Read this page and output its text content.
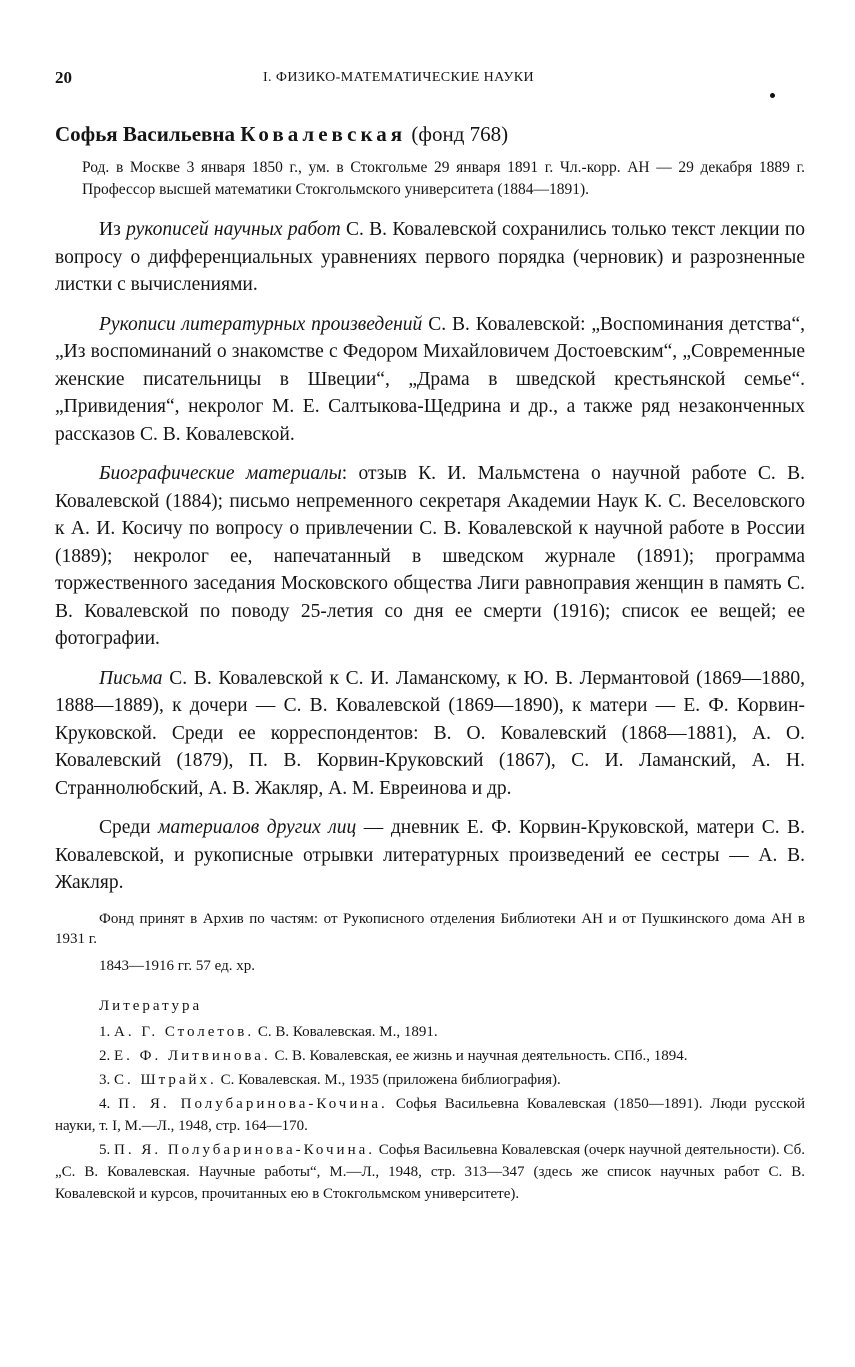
20	I. ФИЗИКО-МАТЕМАТИЧЕСКИЕ НАУКИ
Софья Васильевна Ковалевская (фонд 768)
Род. в Москве 3 января 1850 г., ум. в Стокгольме 29 января 1891 г. Чл.-корр. АН — 29 декабря 1889 г. Профессор высшей математики Стокгольмского университета (1884—1891).
Из рукописей научных работ С. В. Ковалевской сохранились только текст лекции по вопросу о дифференциальных уравнениях первого порядка (черновик) и разрозненные листки с вычислениями.
Рукописи литературных произведений С. В. Ковалевской: „Воспоминания детства“, „Из воспоминаний о знакомстве с Федором Михайловичем Достоевским“, „Современные женские писательницы в Швеции“, „Драма в шведской крестьянской семье“. „Привидения“, некролог М. Е. Салтыкова-Щедрина и др., а также ряд незаконченных рассказов С. В. Ковалевской.
Биографические материалы: отзыв К. И. Мальмстена о научной работе С. В. Ковалевской (1884); письмо непременного секретаря Академии Наук К. С. Веселовского к А. И. Косичу по вопросу о привлечении С. В. Ковалевской к научной работе в России (1889); некролог ее, напечатанный в шведском журнале (1891); программа торжественного заседания Московского общества Лиги равноправия женщин в память С. В. Ковалевской по поводу 25-летия со дня ее смерти (1916); список ее вещей; ее фотографии.
Письма С. В. Ковалевской к С. И. Ламанскому, к Ю. В. Лермантовой (1869—1880, 1888—1889), к дочери — С. В. Ковалевской (1869—1890), к матери — Е. Ф. Корвин-Круковской. Среди ее корреспондентов: В. О. Ковалевский (1868—1881), А. О. Ковалевский (1879), П. В. Корвин-Круковский (1867), С. И. Ламанский, А. Н. Страннолюбский, А. В. Жакляр, А. М. Евреинова и др.
Среди материалов других лиц — дневник Е. Ф. Корвин-Круковской, матери С. В. Ковалевской, и рукописные отрывки литературных произведений ее сестры — А. В. Жакляр.
Фонд принят в Архив по частям: от Рукописного отделения Библиотеки АН и от Пушкинского дома АН в 1931 г.
1843—1916 гг. 57 ед. хр.
Литература
1. А. Г. Столетов. С. В. Ковалевская. М., 1891.
2. Е. Ф. Литвинова. С. В. Ковалевская, ее жизнь и научная деятельность. СПб., 1894.
3. С. Штрайх. С. Ковалевская. М., 1935 (приложена библиография).
4. П. Я. Полубаринова-Кочина. Софья Васильевна Ковалевская (1850—1891). Люди русской науки, т. I, М.—Л., 1948, стр. 164—170.
5. П. Я. Полубаринова-Кочина. Софья Васильевна Ковалевская (очерк научной деятельности). Сб. „С. В. Ковалевская. Научные работы“, М.—Л., 1948, стр. 313—347 (здесь же список научных работ С. В. Ковалевской и курсов, прочитанных ею в Стокгольмском университете).
